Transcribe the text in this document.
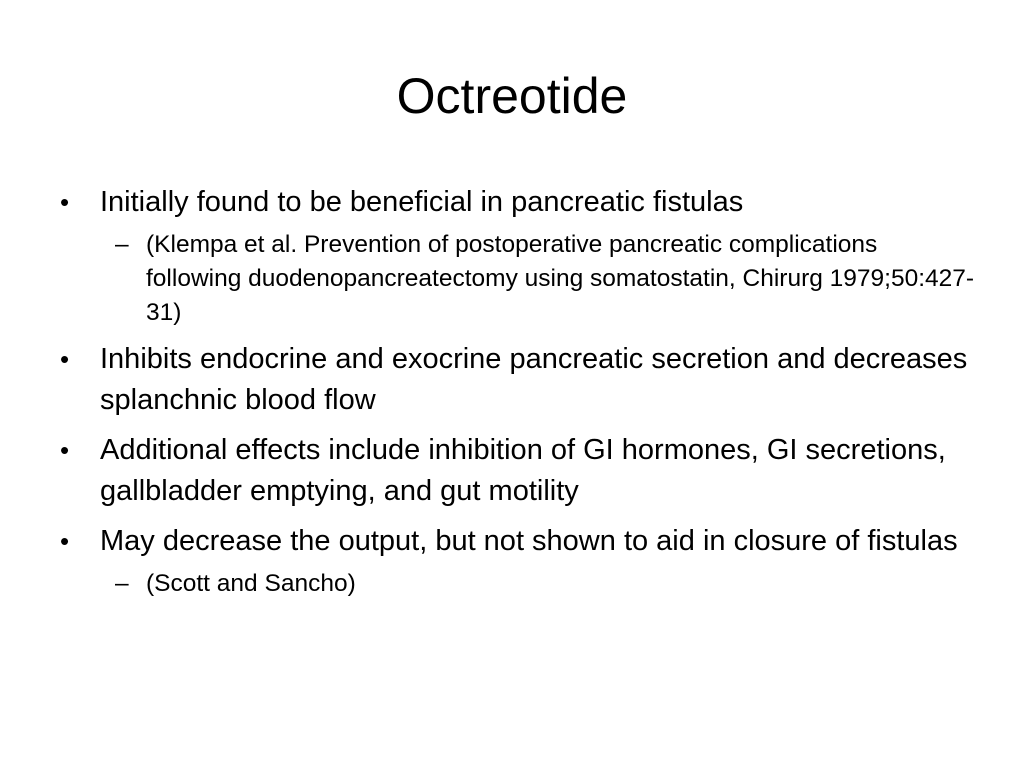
Octreotide
• Initially found to be beneficial in pancreatic fistulas
– (Klempa et al. Prevention of postoperative pancreatic complications following duodenopancreatectomy using somatostatin, Chirurg 1979;50:427-31)
• Inhibits endocrine and exocrine pancreatic secretion and decreases splanchnic blood flow
• Additional effects include inhibition of GI hormones, GI secretions, gallbladder emptying, and gut motility
• May decrease the output, but not shown to aid in closure of fistulas
– (Scott and Sancho)
